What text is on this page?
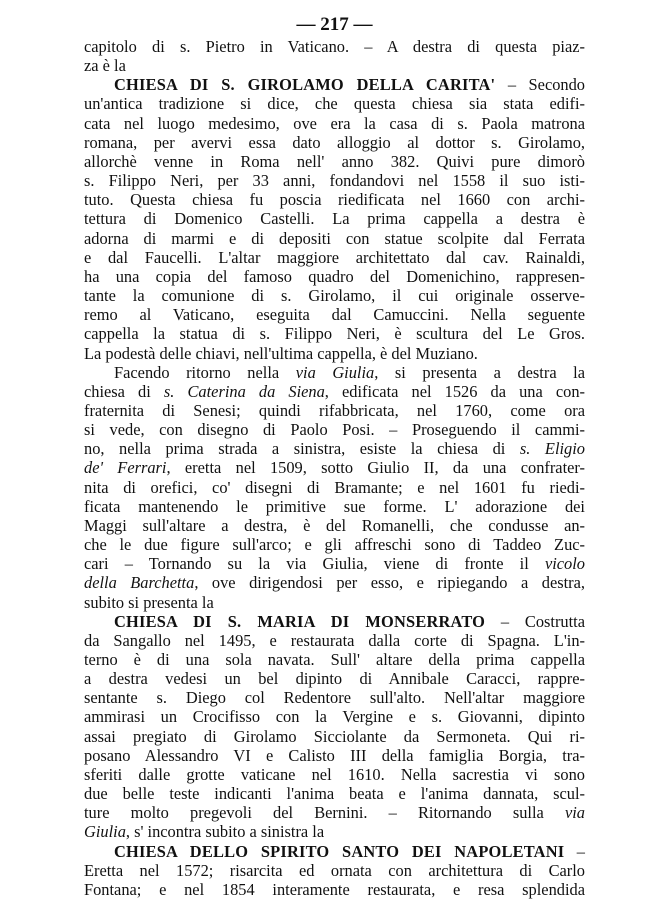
— 217 —
capitolo di s. Pietro in Vaticano. – A destra di questa piaz-
za è la
CHIESA DI S. GIROLAMO DELLA CARITA' – Secondo
un'antica tradizione si dice, che questa chiesa sia stata edifi-
cata nel luogo medesimo, ove era la casa di s. Paola matrona
romana, per avervi essa dato alloggio al dottor s. Girolamo,
allorchè venne in Roma nell' anno 382. Quivi pure dimorò
s. Filippo Neri, per 33 anni, fondandovi nel 1558 il suo isti-
tuto. Questa chiesa fu poscia riedificata nel 1660 con archi-
tettura di Domenico Castelli. La prima cappella a destra è
adorna di marmi e di depositi con statue scolpite dal Ferrata
e dal Faucelli. L'altar maggiore architettato dal cav. Rainaldi,
ha una copia del famoso quadro del Domenichino, rappresen-
tante la comunione di s. Girolamo, il cui originale osserve-
remo al Vaticano, eseguita dal Camuccini. Nella seguente
cappella la statua di s. Filippo Neri, è scultura del Le Gros.
La podestà delle chiavi, nell'ultima cappella, è del Muziano.
Facendo ritorno nella via Giulia, si presenta a destra la
chiesa di s. Caterina da Siena, edificata nel 1526 da una con-
fraternita di Senesi; quindi rifabbricata, nel 1760, come ora
si vede, con disegno di Paolo Posi. – Proseguendo il cammi-
no, nella prima strada a sinistra, esiste la chiesa di s. Eligio
de' Ferrari, eretta nel 1509, sotto Giulio II, da una confrater-
nita di orefici, co' disegni di Bramante; e nel 1601 fu riedi-
ficata mantenendo le primitive sue forme. L' adorazione dei
Maggi sull'altare a destra, è del Romanelli, che condusse an-
che le due figure sull'arco; e gli affreschi sono di Taddeo Zuc-
cari – Tornando su la via Giulia, viene di fronte il vicolo
della Barchetta, ove dirigendosi per esso, e ripiegando a destra,
subito si presenta la
CHIESA DI S. MARIA DI MONSERRATO – Costrutta
da Sangallo nel 1495, e restaurata dalla corte di Spagna. L'in-
terno è di una sola navata. Sull' altare della prima cappella
a destra vedesi un bel dipinto di Annibale Caracci, rappre-
sentante s. Diego col Redentore sull'alto. Nell'altar maggiore
ammirasi un Crocifisso con la Vergine e s. Giovanni, dipinto
assai pregiato di Girolamo Sicciolante da Sermoneta. Qui ri-
posano Alessandro VI e Calisto III della famiglia Borgia, tra-
sferiti dalle grotte vaticane nel 1610. Nella sacrestia vi sono
due belle teste indicanti l'anima beata e l'anima dannata, scul-
ture molto pregevoli del Bernini. – Ritornando sulla via
Giulia, s' incontra subito a sinistra la
CHIESA DELLO SPIRITO SANTO DEI NAPOLETANI –
Eretta nel 1572; risarcita ed ornata con architettura di Carlo
Fontana; e nel 1854 interamente restaurata, e resa splendida
